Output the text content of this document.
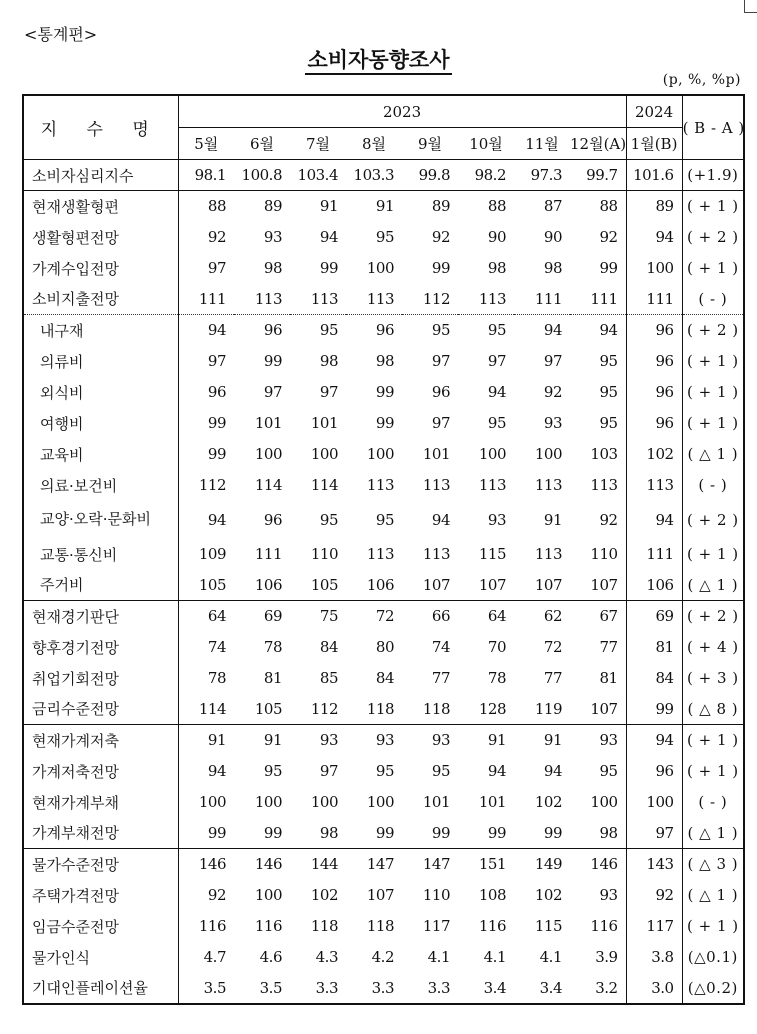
<통계편>
소비자동향조사
(p, %, %p)
지 수 명	2023								2024	( B - A )
	5월	6월	7월	8월	9월	10월	11월	12월(A)	1월(B)	

소비자심리지수	98.1	100.8	103.4	103.3	99.8	98.2	97.3	99.7	101.6	(+1.9)

현재생활형편	88	89	91	91	89	88	87	88	89	( + 1 )

생활형편전망	92	93	94	95	92	90	90	92	94	( + 2 )

가계수입전망	97	98	99	100	99	98	98	99	100	( + 1 )

소비지출전망	111	113	113	113	112	113	111	111	111	( - )

내구재	94	96	95	96	95	95	94	94	96	( + 2 )

의류비	97	99	98	98	97	97	97	95	96	( + 1 )

외식비	96	97	97	99	96	94	92	95	96	( + 1 )

여행비	99	101	101	99	97	95	93	95	96	( + 1 )

교육비	99	100	100	100	101	100	100	103	102	( △ 1 )

의료·보건비	112	114	114	113	113	113	113	113	113	( - )

교양·오락·문화비	94	96	95	95	94	93	91	92	94	( + 2 )

교통·통신비	109	111	110	113	113	115	113	110	111	( + 1 )

주거비	105	106	105	106	107	107	107	107	106	( △ 1 )

현재경기판단	64	69	75	72	66	64	62	67	69	( + 2 )

향후경기전망	74	78	84	80	74	70	72	77	81	( + 4 )

취업기회전망	78	81	85	84	77	78	77	81	84	( + 3 )

금리수준전망	114	105	112	118	118	128	119	107	99	( △ 8 )

현재가계저축	91	91	93	93	93	91	91	93	94	( + 1 )

가계저축전망	94	95	97	95	95	94	94	95	96	( + 1 )

현재가계부채	100	100	100	100	101	101	102	100	100	( - )

가계부채전망	99	99	98	99	99	99	99	98	97	( △ 1 )

물가수준전망	146	146	144	147	147	151	149	146	143	( △ 3 )

주택가격전망	92	100	102	107	110	108	102	93	92	( △ 1 )

임금수준전망	116	116	118	118	117	116	115	116	117	( + 1 )

물가인식	4.7	4.6	4.3	4.2	4.1	4.1	4.1	3.9	3.8	(△0.1)

기대인플레이션율	3.5	3.5	3.3	3.3	3.3	3.4	3.4	3.2	3.0	(△0.2)
